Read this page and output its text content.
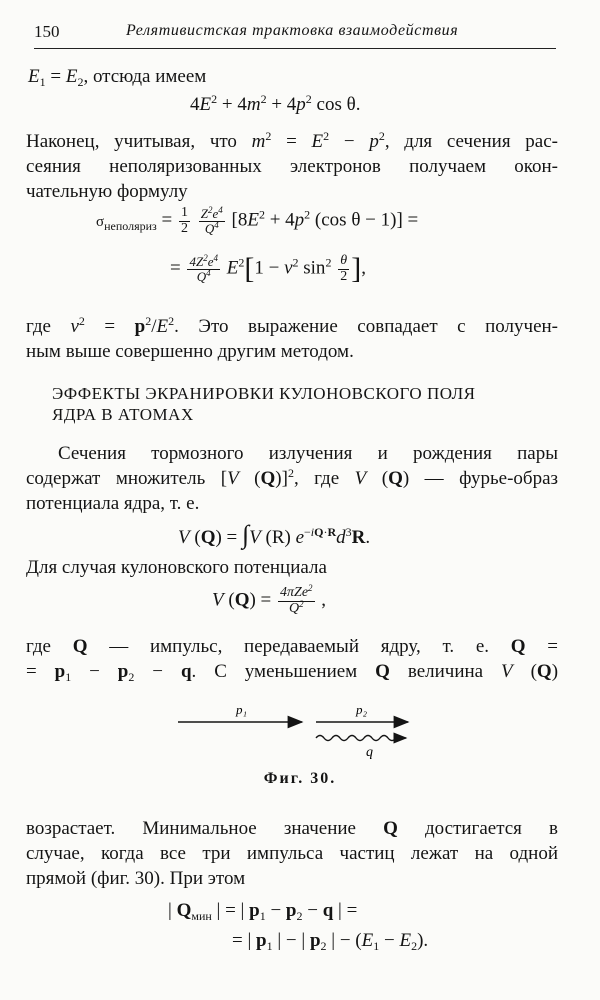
150	Релятивистская трактовка взаимодействия
$E_1 = E_2$, отсюда имеем
$4E^2 + 4m^2 + 4p^2$ cos θ.
Наконец, учитывая, что $m^2 = E^2 - p^2$, для сечения рас-
сеяния неполяризованных электронов получаем окон-
чательную формулу
$\sigma_{неполяриз} = \frac{1}{2}$
$\frac{Z^2e^4}{Q^4} [8E^2 + 4p^2$ (cos θ − 1)] =
= $\frac{4Z^2e^4}{Q^4} E^2[1 - v^2$ $\sin^2 \frac{\theta}{2}$ ],
где $v^2 = p^2/E^2$. Это выражение совпадает с получен-
ным выше совершенно другим методом.
ЭФФЕКТЫ ЭКРАНИРОВКИ КУЛОНОВСКОГО ПОЛЯ
ЯДРА В АТОМАХ
Сечения тормозного излучения и рождения пары
содержат множитель [V (Q)]$^2$, где V (Q) — фурье-образ
потенциала ядра, т. е.
V (Q) = ∫V (R) $e^{-iQ\cdot R}d^3R$.
Для случая кулоновского потенциала
V $(Q) = \frac{4\pi Ze^2}{Q^2}$ ,
где Q — импульс, передаваемый ядру, т. е. Q =
= $p_1 - p_2 - q$. С уменьшением Q величина V (Q)
p₁	p₂
q
Фиг. 30.
возрастает. Минимальное значение Q достигается в
случае, когда все три импульса частиц лежат на одной
прямой (фиг. 30). При этом
| $Q_{мин}$ | = | $p_1 - p_2 - q$ | =
= | $p_1$ | − | $p_2$ | − $(E_1 - E_2)$.
